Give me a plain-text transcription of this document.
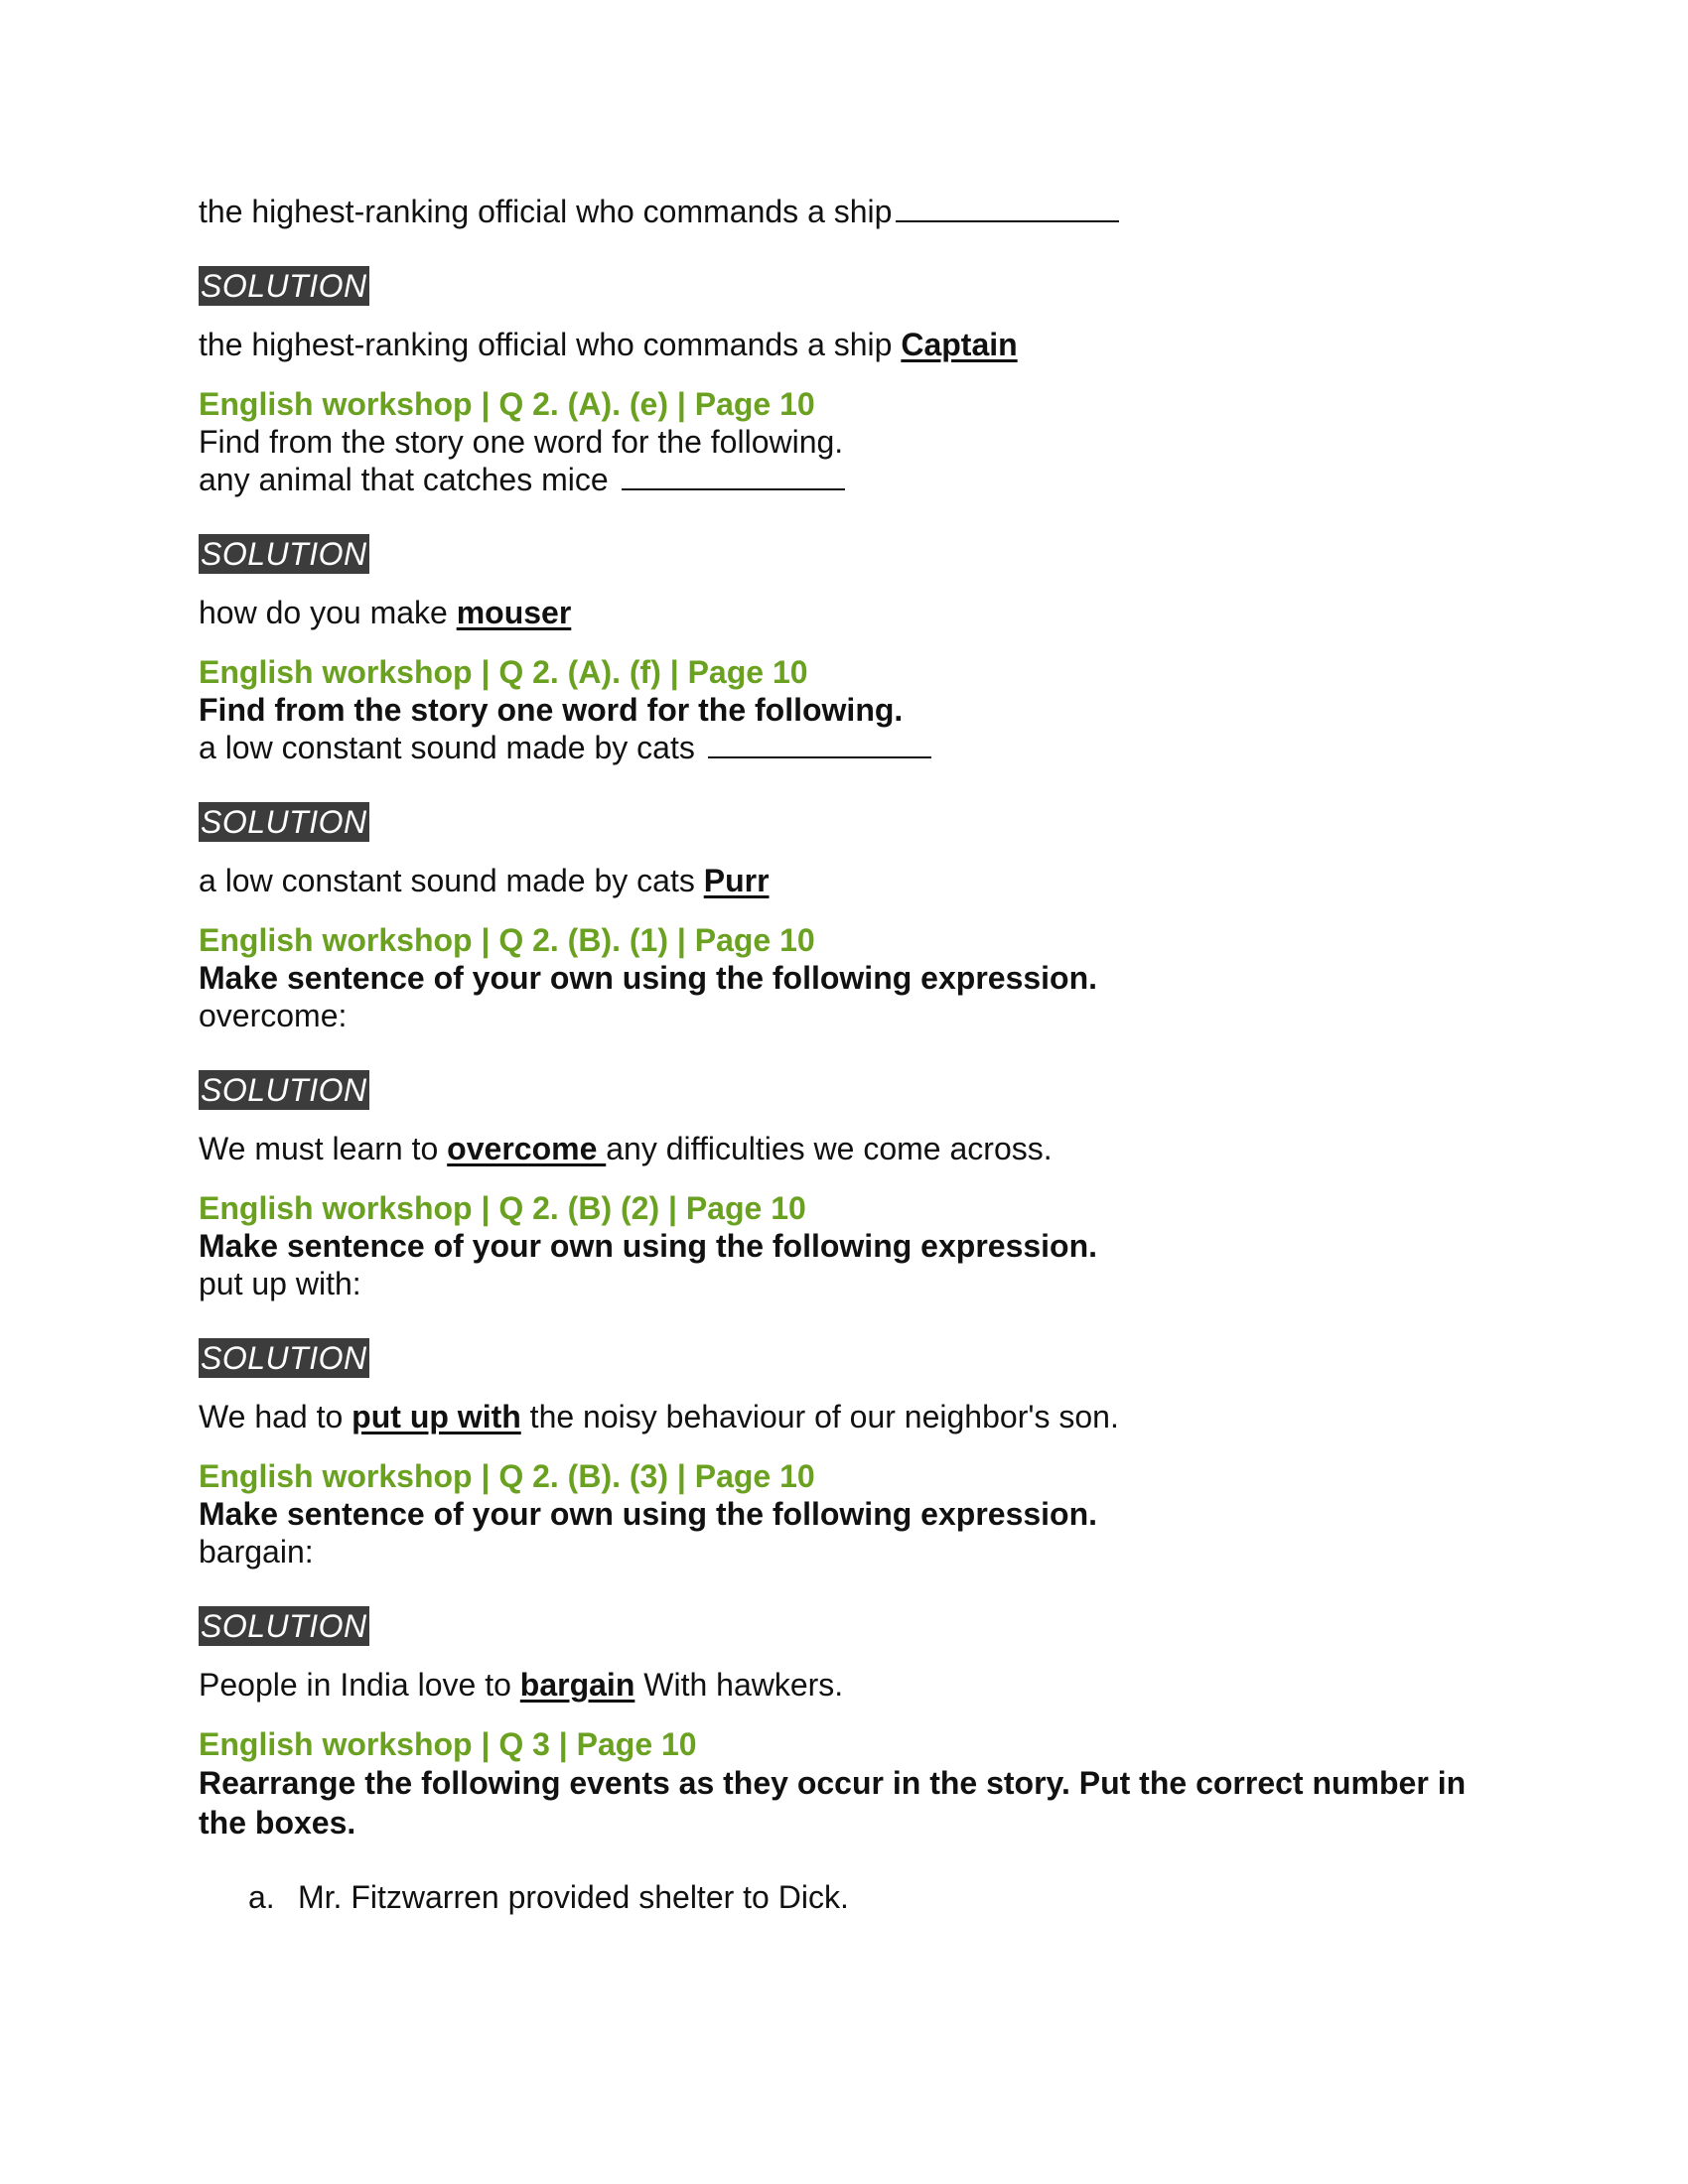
the highest-ranking official who commands a ship

SOLUTION

the highest-ranking official who commands a ship Captain

English workshop | Q 2. (A). (e) | Page 10

Find from the story one word for the following.

any animal that catches mice

SOLUTION

how do you make mouser

English workshop | Q 2. (A). (f) | Page 10

Find from the story one word for the following.

a low constant sound made by cats

SOLUTION

a low constant sound made by cats Purr

English workshop | Q 2. (B). (1) | Page 10

Make sentence of your own using the following expression.

overcome:

SOLUTION

We must learn to overcome any difficulties we come across.

English workshop | Q 2. (B) (2) | Page 10

Make sentence of your own using the following expression.

put up with:

SOLUTION

We had to put up with the noisy behaviour of our neighbor's son.

English workshop | Q 2. (B). (3) | Page 10

Make sentence of your own using the following expression.

bargain:

SOLUTION

People in India love to bargain With hawkers.

English workshop | Q 3 | Page 10

Rearrange the following events as they occur in the story. Put the correct number in the boxes.

a. Mr. Fitzwarren provided shelter to Dick.
